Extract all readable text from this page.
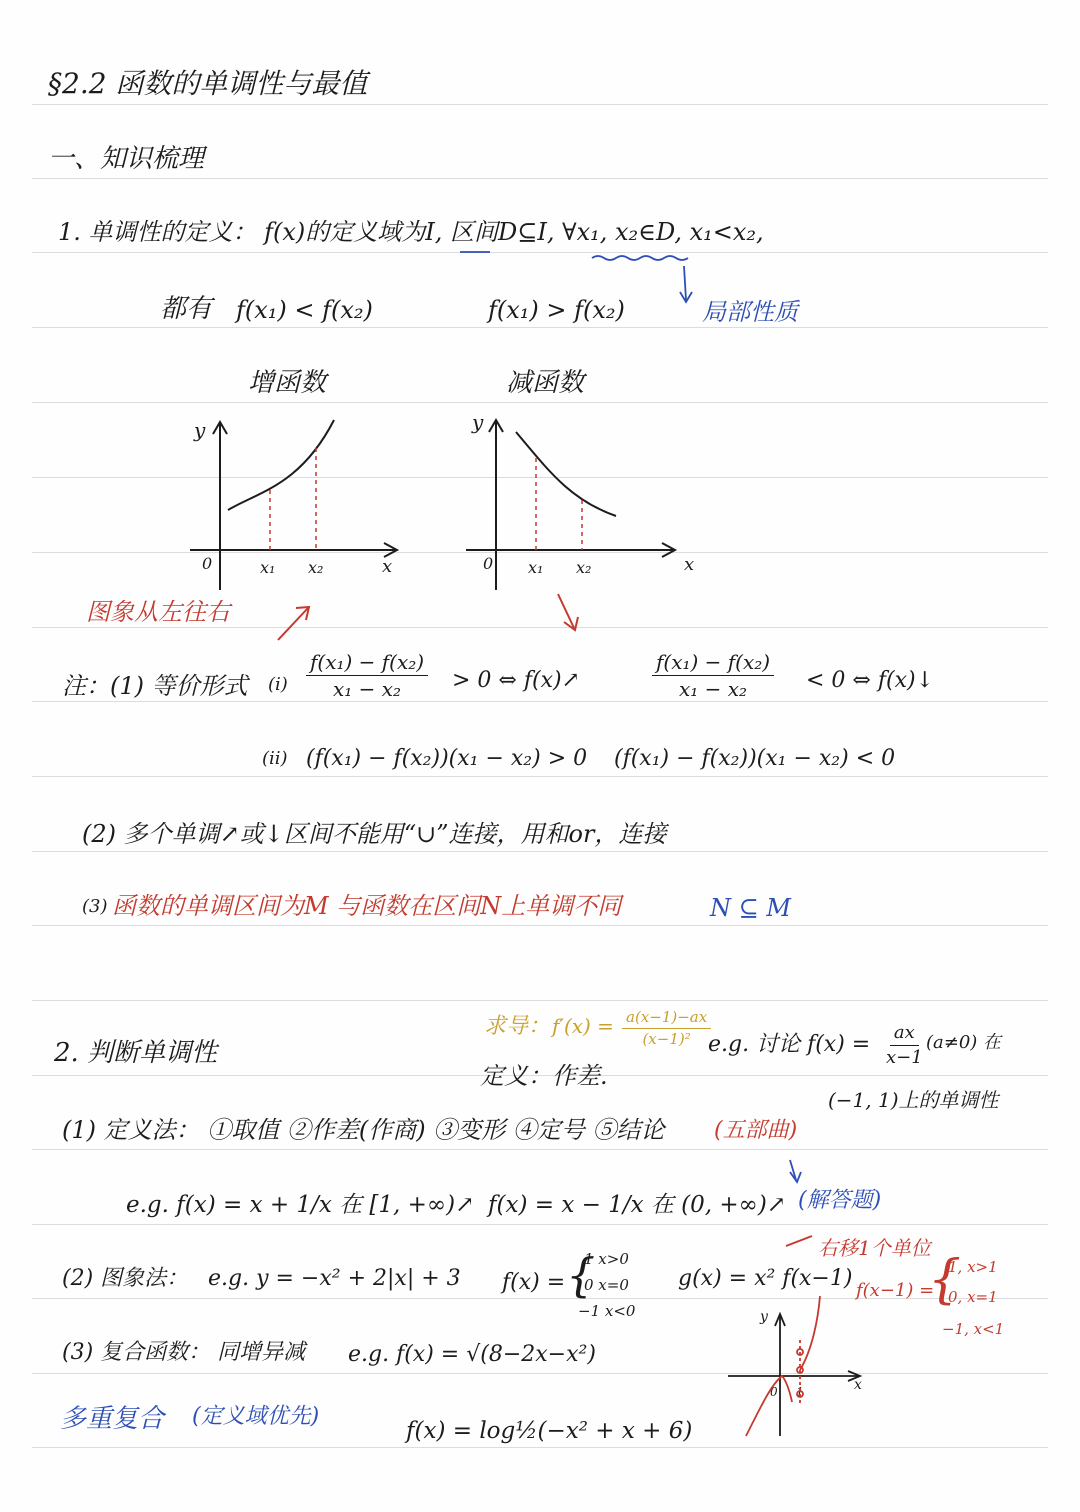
§2.2 函数的单调性与最值
一、知识梳理
1. 单调性的定义： f(x)的定义域为I, 区间D⊆I, ∀x₁, x₂∈D, x₁<x₂,
都有 f(x₁) < f(x₂)	f(x₁) > f(x₂)	局部性质
增函数	减函数
y
0	x₁ x₂	x
y
0 x₁ x₂	x
图象从左往右
注：(1) 等价形式 $(i) \frac{\text{f(x₁) − f(x₂)}}{\text{x₁ − x₂}} > 0$ ⇔ f(x)↗	$\frac{\text{f(x₁) − f(x₂)}}{\text{x₁ − x₂}} < 0$ ⇔ f(x)↓
(ii) (f(x₁) − f(x₂))(x₁ − x₂) > 0 (f(x₁) − f(x₂))(x₁ − x₂) < 0
(2) 多个单调↗或↓区间不能用“∪”连接，用和or，连接
(3) 函数的单调区间为M 与函数在区间N上单调不同	N ⊆ M
求导： $f'(x) = \frac{a(x-1)-ax}{\text{(x−1)²}}$
e.g. 讨论 $f(x) = \frac{ax}{x-1} (a\ne 0)$ 在
(−1, 1)上的单调性
2. 判断单调性
定义：作差.
(1) 定义法： ①取值 ②作差(作商) ③变形 ④定号 ⑤结论 (五部曲)
(解答题)
e.g. f(x) = x + 1/x 在 [1, +∞)↗ f(x) = x − 1/x 在 (0, +∞)↗
(2) 图象法： e.g. y = −x² + 2|x| + 3 f(x) = {
1 x>0
0 x=0
−1 x<0
g(x) = x² f(x−1)
右移1个单位
f(x−1) =
{
1, x>1
0, x=1
−1, x<1
(3) 复合函数： 同增异减 e.g. f(x) = √(8−2x−x²)
多重复合 (定义域优先)
f(x) = log½(−x² + x + 6)
y
x
0 1
